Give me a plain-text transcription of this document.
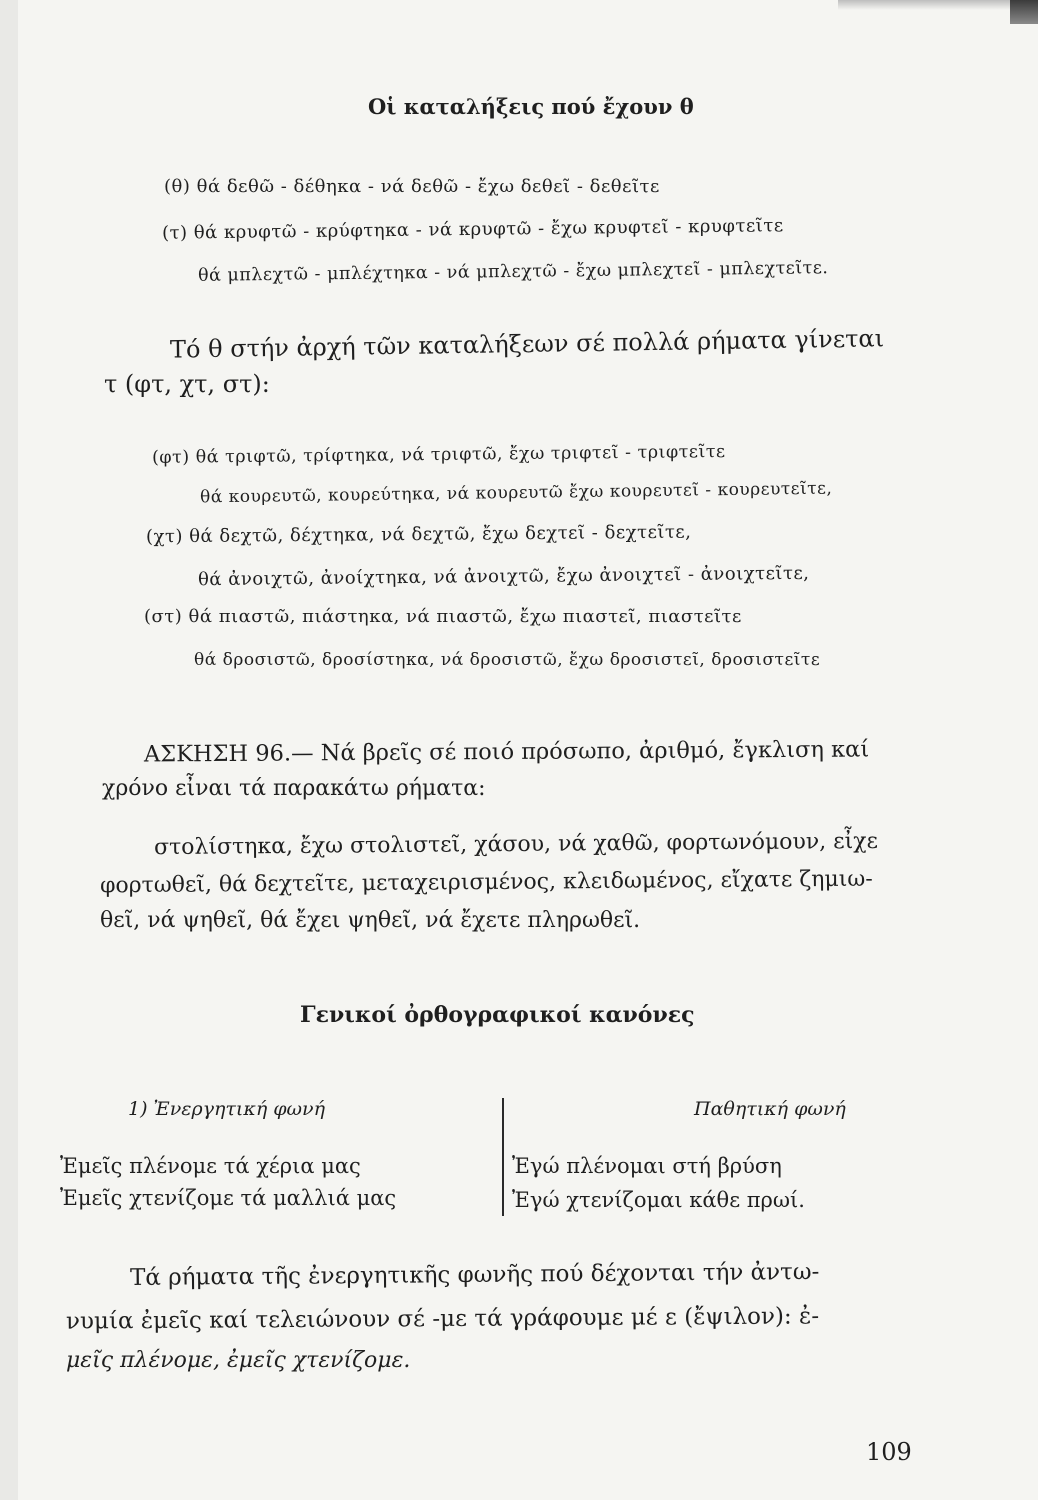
Οἱ καταλήξεις πού ἔχουν θ
(θ) θά δεθῶ - δέθηκα - νά δεθῶ - ἔχω δεθεῖ - δεθεῖτε
(τ) θά κρυφτῶ - κρύφτηκα - νά κρυφτῶ - ἔχω κρυφτεῖ - κρυφτεῖτε
θά μπλεχτῶ - μπλέχτηκα - νά μπλεχτῶ - ἔχω μπλεχτεῖ - μπλεχτεῖτε.
Τό θ στήν ἀρχή τῶν καταλήξεων σέ πολλά ρήματα γίνεται
τ (φτ, χτ, στ):
(φτ) θά τριφτῶ, τρίφτηκα, νά τριφτῶ, ἔχω τριφτεῖ - τριφτεῖτε
θά κουρευτῶ, κουρεύτηκα, νά κουρευτῶ ἔχω κουρευτεῖ - κουρευτεῖτε,
(χτ) θά δεχτῶ, δέχτηκα, νά δεχτῶ, ἔχω δεχτεῖ - δεχτεῖτε,
θά ἀνοιχτῶ, ἀνοίχτηκα, νά ἀνοιχτῶ, ἔχω ἀνοιχτεῖ - ἀνοιχτεῖτε,
(στ) θά πιαστῶ, πιάστηκα, νά πιαστῶ, ἔχω πιαστεῖ, πιαστεῖτε
θά δροσιστῶ, δροσίστηκα, νά δροσιστῶ, ἔχω δροσιστεῖ, δροσιστεῖτε
ΑΣΚΗΣΗ 96.— Νά βρεῖς σέ ποιό πρόσωπο, ἀριθμό, ἔγκλιση καί
χρόνο εἶναι τά παρακάτω ρήματα:
στολίστηκα, ἔχω στολιστεῖ, χάσου, νά χαθῶ, φορτωνόμουν, εἶχε
φορτωθεῖ, θά δεχτεῖτε, μεταχειρισμένος, κλειδωμένος, εἴχατε ζημιω-
θεῖ, νά ψηθεῖ, θά ἔχει ψηθεῖ, νά ἔχετε πληρωθεῖ.
Γενικοί ὀρθογραφικοί κανόνες
1) Ἐνεργητική φωνή	Παθητική φωνή
Ἐμεῖς πλένομε τά χέρια μας
Ἐμεῖς χτενίζομε τά μαλλιά μας
Ἐγώ πλένομαι στή βρύση
Ἐγώ χτενίζομαι κάθε πρωί.
Τά ρήματα τῆς ἐνεργητικῆς φωνῆς πού δέχονται τήν ἀντω-
νυμία ἐμεῖς καί τελειώνουν σέ -με τά γράφουμε μέ ε (ἔψιλον): ἐ-
μεῖς πλένομε, ἐμεῖς χτενίζομε.
109
